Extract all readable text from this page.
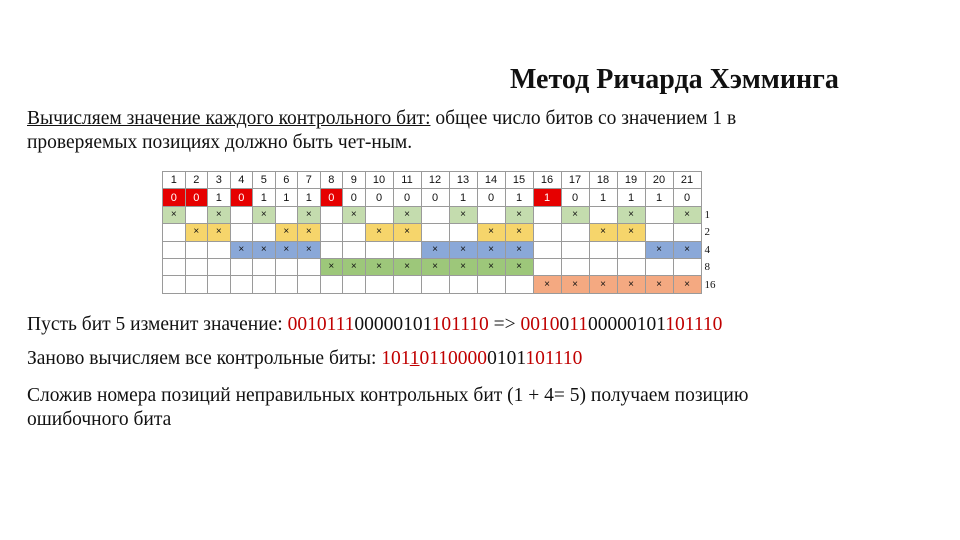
Метод Ричарда Хэмминга
Вычисляем значение каждого контрольного бит: общее число битов со значением 1 в
проверяемых позициях должно быть чет-ным.
1	2	3	4	5	6	7	8	9	10	11	12	13	14	15	16	17	18	19	20	21	
0	0	1	0	1	1	1	0	0	0	0	0	1	0	1	1	0	1	1	1	0	
×		×		×		×		×		×		×		×		×		×		×	1
	×	×			×	×			×	×			×	×			×	×			2
			×	×	×	×					×	×	×	×					×	×	4
							×	×	×	×	×	×	×	×							8
															×	×	×	×	×	×	16
Пусть бит 5 изменит значение: 001011100000101101110 => 001001100000101101110
Заново вычисляем все контрольные биты: 101101100000101101110
Сложив номера позиций неправильных контрольных бит (1 + 4= 5) получаем позицию
ошибочного бита
